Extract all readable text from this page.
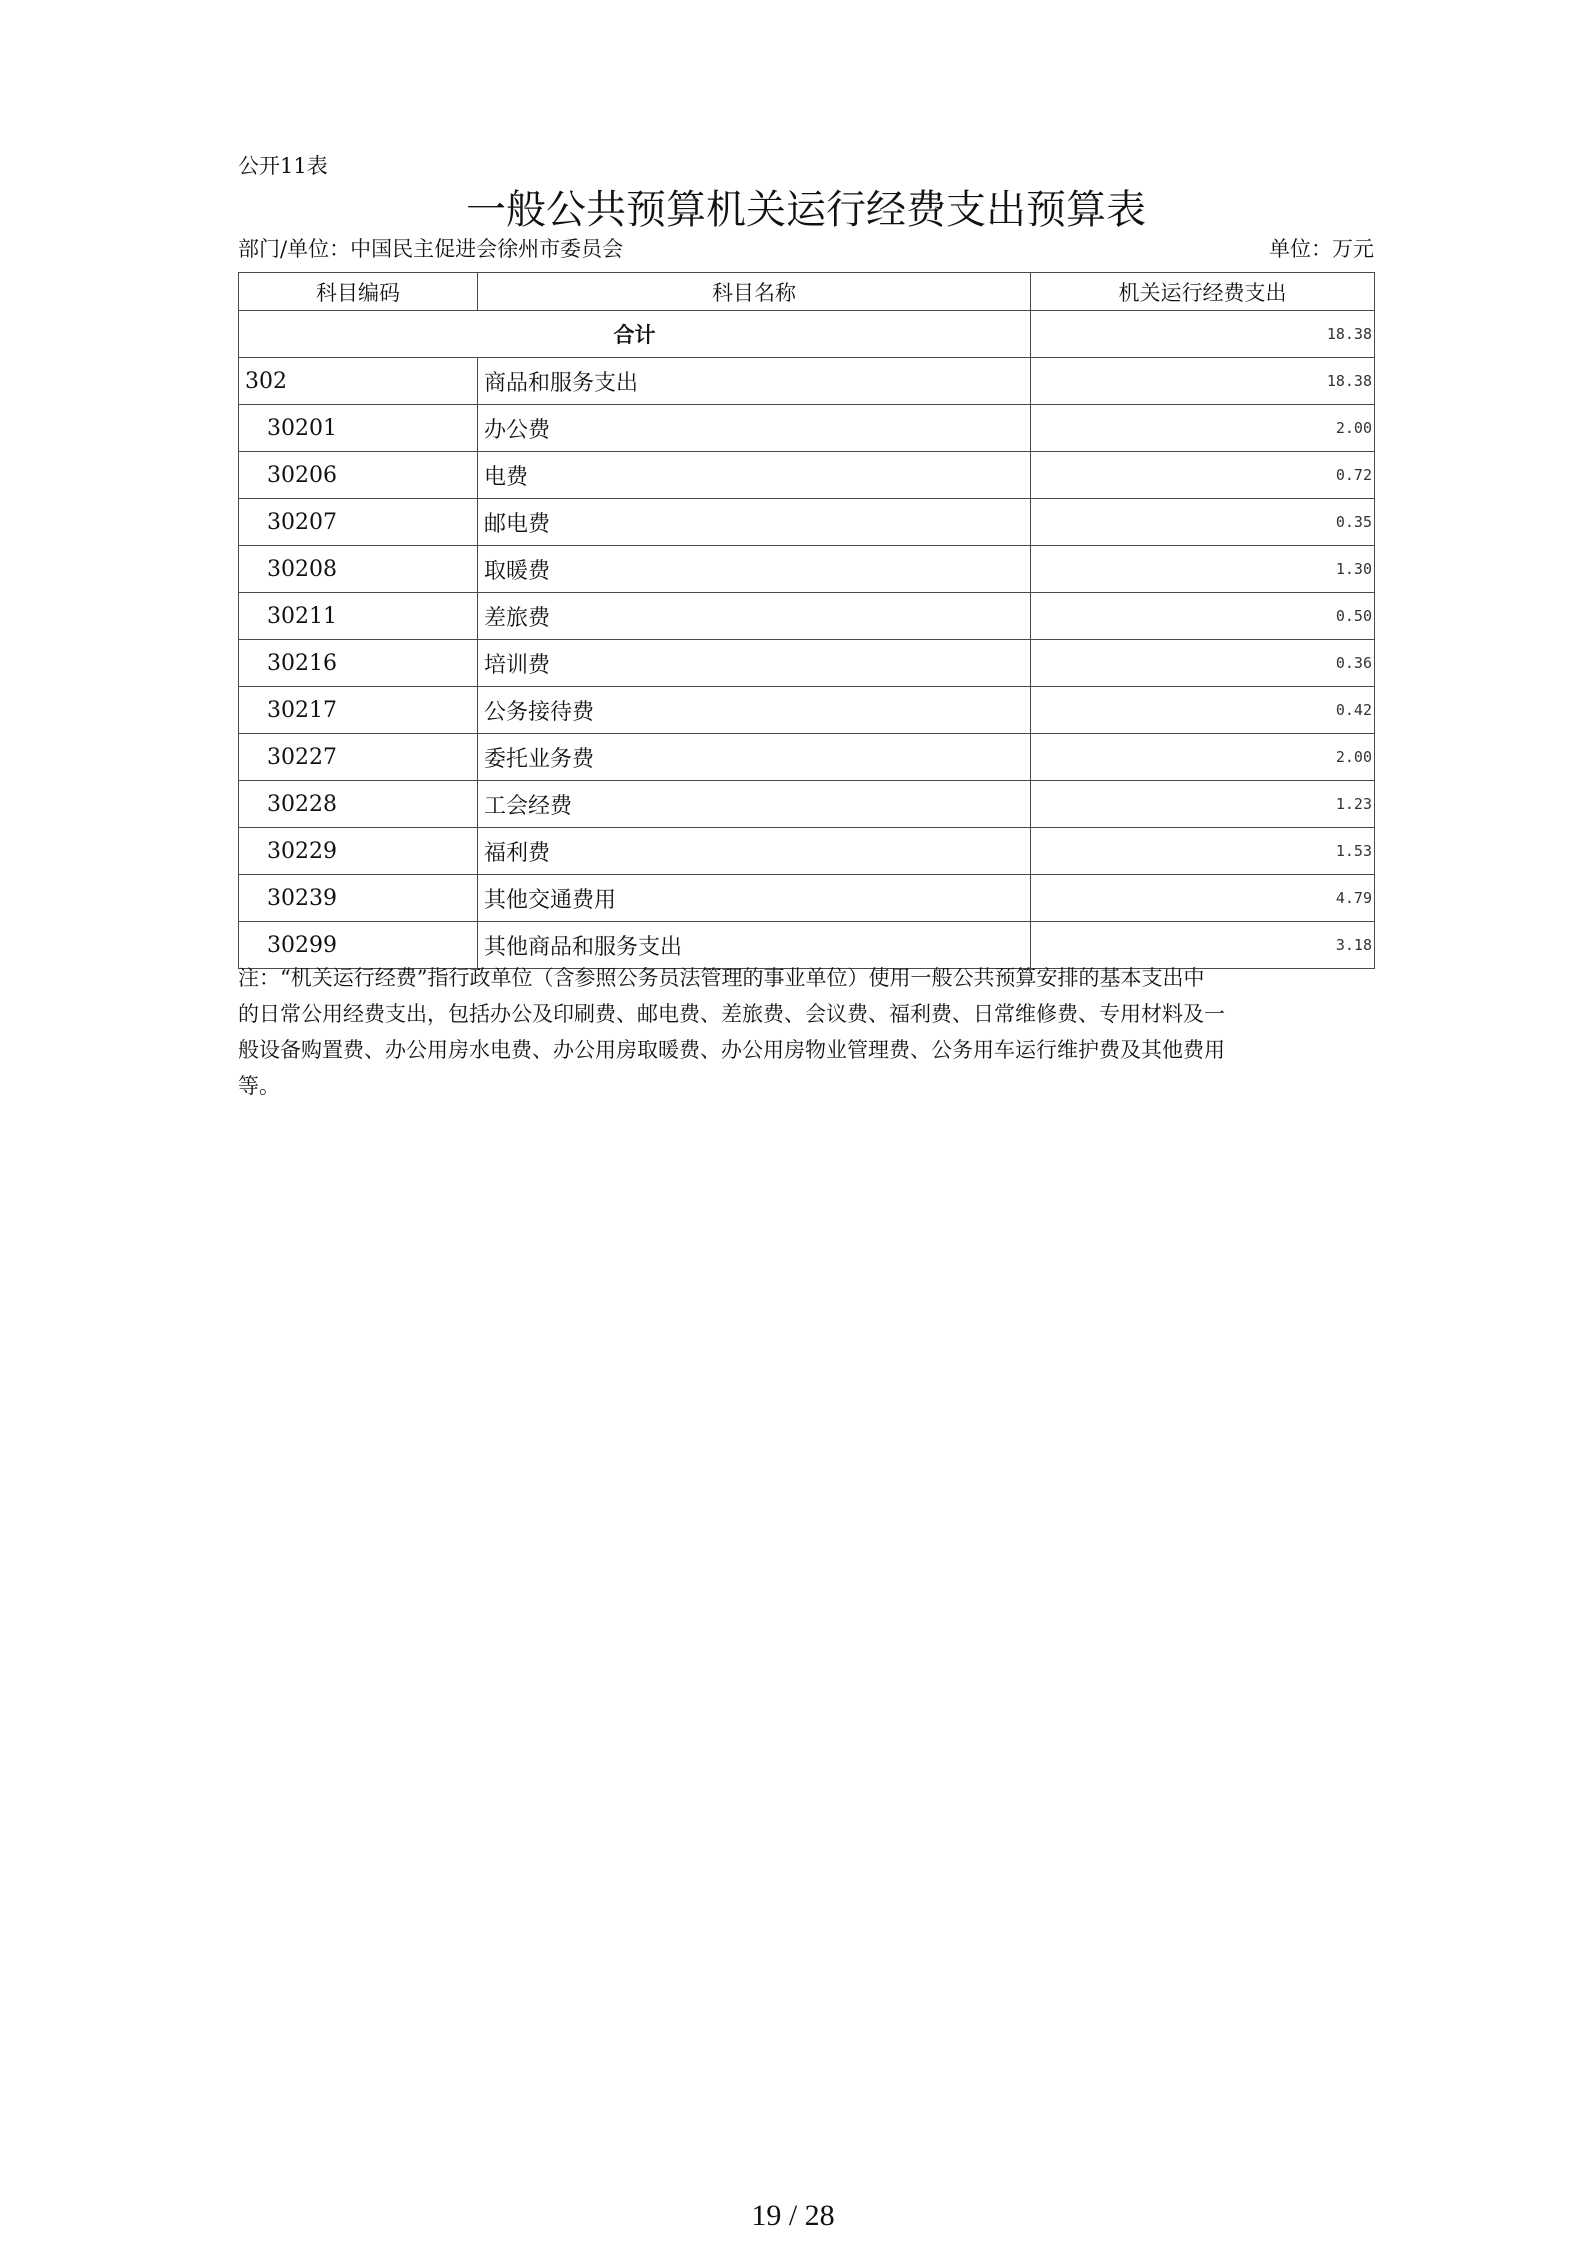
公开11表
一般公共预算机关运行经费支出预算表
部门/单位：中国民主促进会徐州市委员会	单位：万元
科目编码	科目名称	机关运行经费支出
合计		18.38
302	商品和服务支出	18.38
30201	办公费	2.00
30206	电费	0.72
30207	邮电费	0.35
30208	取暖费	1.30
30211	差旅费	0.50
30216	培训费	0.36
30217	公务接待费	0.42
30227	委托业务费	2.00
30228	工会经费	1.23
30229	福利费	1.53
30239	其他交通费用	4.79
30299	其他商品和服务支出	3.18
注：“机关运行经费”指行政单位（含参照公务员法管理的事业单位）使用一般公共预算安排的基本支出中
的日常公用经费支出，包括办公及印刷费、邮电费、差旅费、会议费、福利费、日常维修费、专用材料及一
般设备购置费、办公用房水电费、办公用房取暖费、办公用房物业管理费、公务用车运行维护费及其他费用
等。
19 / 28
